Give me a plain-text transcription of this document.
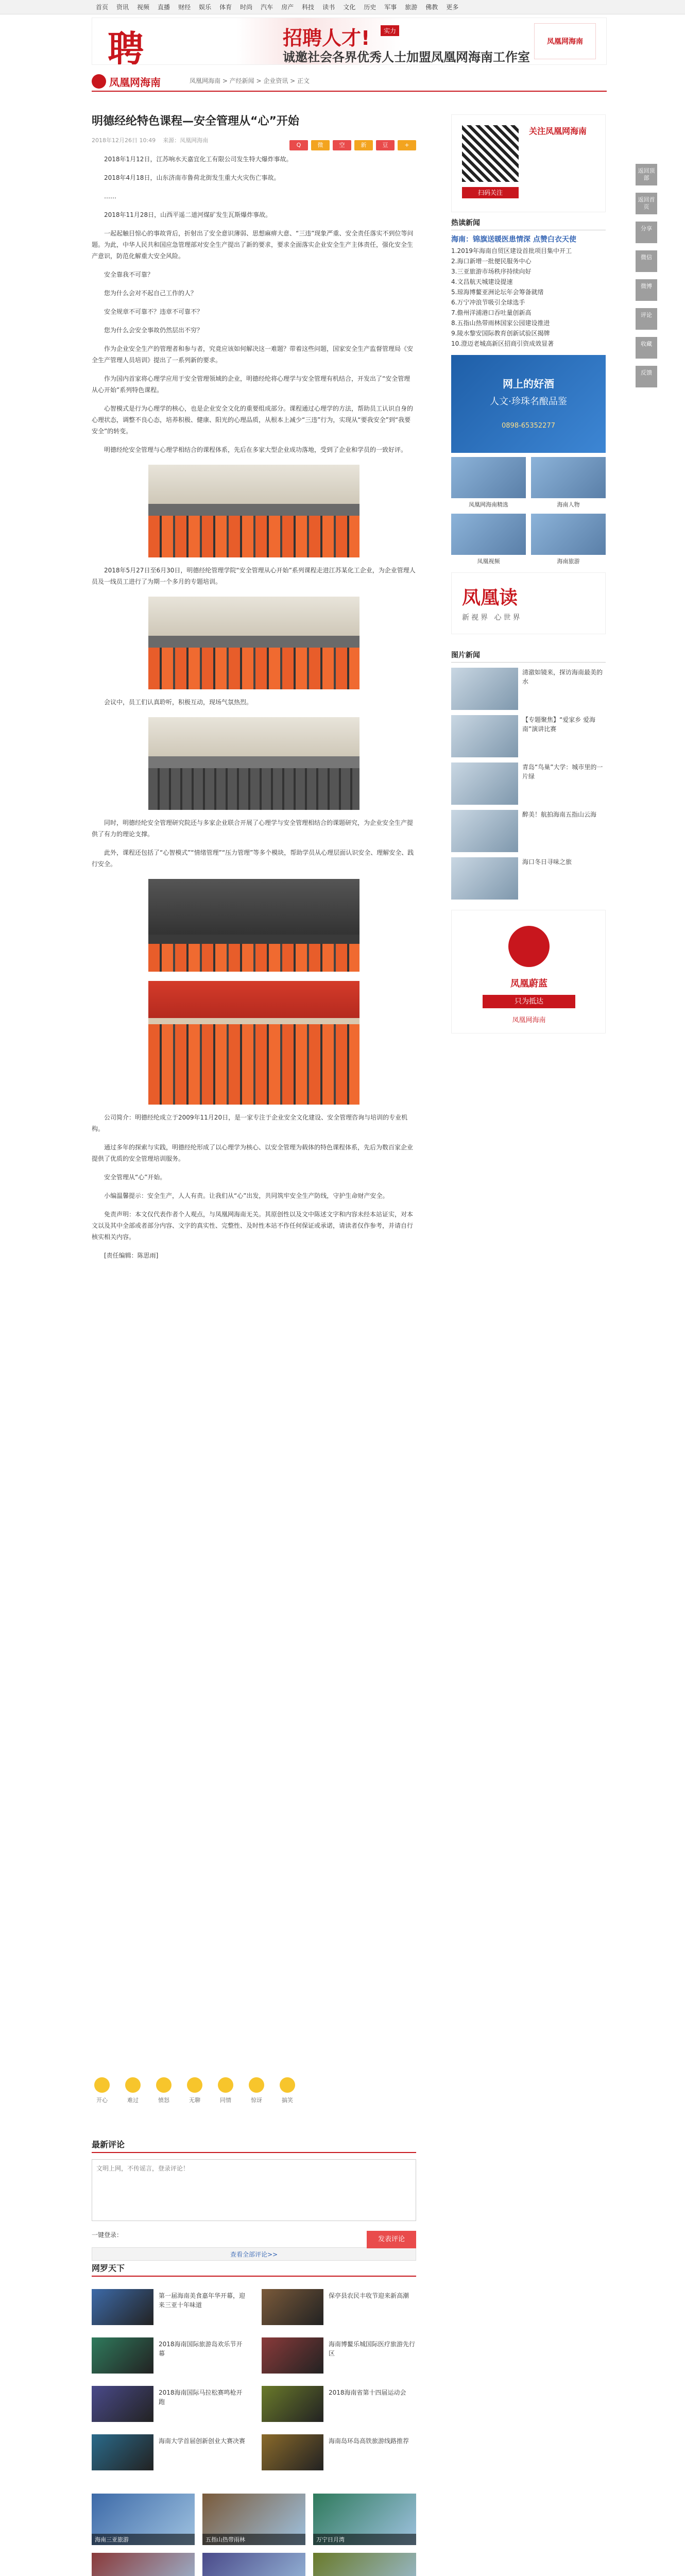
首页	资讯	视频	直播	财经	娱乐	体育	时尚	汽车	房产	科技	读书	文化	历史	军事	旅游	佛教	更多
聘	招聘人才!	实力
诚邀社会各界优秀人士加盟凤凰网海南工作室
凤凰网海南
凤凰网海南	凤凰网海南 > 产经新闻 > 企业资讯 > 正文
明德经纶特色课程—安全管理从“心”开始
2018年12月26日 10:49 来源：凤凰网海南
Q	微	空	新	豆	+

2018年1月12日，江苏响水天嘉宜化工有限公司发生特大爆炸事故。

2018年4月18日，山东济南市鲁荷北街发生重大火灾伤亡事故。

……

2018年11月28日，山西平遥二道河煤矿发生瓦斯爆炸事故。

一起起触目惊心的事故背后，折射出了安全意识薄弱、思想麻痹大意、“三违”现象严重、安全责任落实不到位等问题。为此，中华人民共和国应急管理部对安全生产提出了新的要求，要求全面落实企业安全生产主体责任，强化安全生产意识，防范化解重大安全风险。

安全靠我不可靠？

您为什么会对不起自己工作的人？

安全规章不可靠不？违章不可靠不？

您为什么会安全事故仍然层出不穷？

作为企业安全生产的管理者和参与者，究竟应该如何解决这一难题？带着这些问题，国家安全生产监督管理局《安全生产管理人员培训》提出了一系列新的要求。

作为国内首家将心理学应用于安全管理领域的企业，明德经纶将心理学与安全管理有机结合，开发出了“安全管理从心开始”系列特色课程。

心智模式是行为心理学的核心，也是企业安全文化的重要组成部分。课程通过心理学的方法，帮助员工认识自身的心理状态，调整不良心态，培养积极、健康、阳光的心理品质，从根本上减少“三违”行为，实现从“要我安全”到“我要安全”的转变。

明德经纶安全管理与心理学相结合的课程体系，先后在多家大型企业成功落地，受到了企业和学员的一致好评。

2018年5月27日至6月30日，明德经纶管理学院“安全管理从心开始”系列课程走进江苏某化工企业，为企业管理人员及一线员工进行了为期一个多月的专题培训。

会议中，员工们认真聆听，积极互动，现场气氛热烈。

同时，明德经纶安全管理研究院还与多家企业联合开展了心理学与安全管理相结合的课题研究，为企业安全生产提供了有力的理论支撑。

此外，课程还包括了“心智模式”“情绪管理”“压力管理”等多个模块，帮助学员从心理层面认识安全、理解安全、践行安全。

公司简介：明德经纶成立于2009年11月20日，是一家专注于企业安全文化建设、安全管理咨询与培训的专业机构。

通过多年的探索与实践，明德经纶形成了以心理学为核心、以安全管理为载体的特色课程体系，先后为数百家企业提供了优质的安全管理培训服务。

安全管理从“心”开始。

小编温馨提示：安全生产，人人有责。让我们从“心”出发，共同筑牢安全生产防线，守护生命财产安全。

免责声明：本文仅代表作者个人观点，与凤凰网海南无关。其原创性以及文中陈述文字和内容未经本站证实，对本文以及其中全部或者部分内容、文字的真实性、完整性、及时性本站不作任何保证或承诺，请读者仅作参考，并请自行核实相关内容。

[责任编辑：陈思雨]

关注凤凰网海南
扫码关注
热读新闻
海南：锦旗送暖医患情深 点赞白衣天使
1.2019年海南自贸区建设首批项目集中开工
2.海口新增一批便民服务中心
3.三亚旅游市场秩序持续向好
4.文昌航天城建设提速
5.琼海博鳌亚洲论坛年会筹备就绪
6.万宁冲浪节吸引全球选手
7.儋州洋浦港口吞吐量创新高
8.五指山热带雨林国家公园建设推进
9.陵水黎安国际教育创新试验区揭牌
10.澄迈老城高新区招商引资成效显著
网上的好酒
人文·珍珠名酿品鉴
0898-65352277
凤凰网海南精选	海南人物
凤凰视频	海南旅游
凤凰读
新视界 心世界
图片新闻
清澈如镜来，探访海南最美的水
【专题聚焦】“爱家乡 爱海南”演讲比赛
青岛“鸟巢”大学：城市里的一片绿
醉美！航拍海南五指山云海
海口冬日寻味之旅
凤凰蔚蓝
只为抵达
凤凰网海南
返回顶部
返回首页
分享
微信
微博
评论
收藏
反馈
开心	难过	愤怒	无聊	同情	惊讶	搞笑
最新评论
文明上网，不传谣言，登录评论！
发表评论
一键登录：
查看全部评论>>
网罗天下
第一届海南美食嘉年华开幕，迎来三亚十年味道
保亭县农民丰收节迎来新高潮
2018海南国际旅游岛欢乐节开幕
海南博鳌乐城国际医疗旅游先行区
2018海南国际马拉松赛鸣枪开跑
2018海南省第十四届运动会
海南大学首届创新创业大赛决赛	海南岛环岛高铁旅游线路推荐
海南三亚旅游	五指山热带雨林	万宁日月湾
